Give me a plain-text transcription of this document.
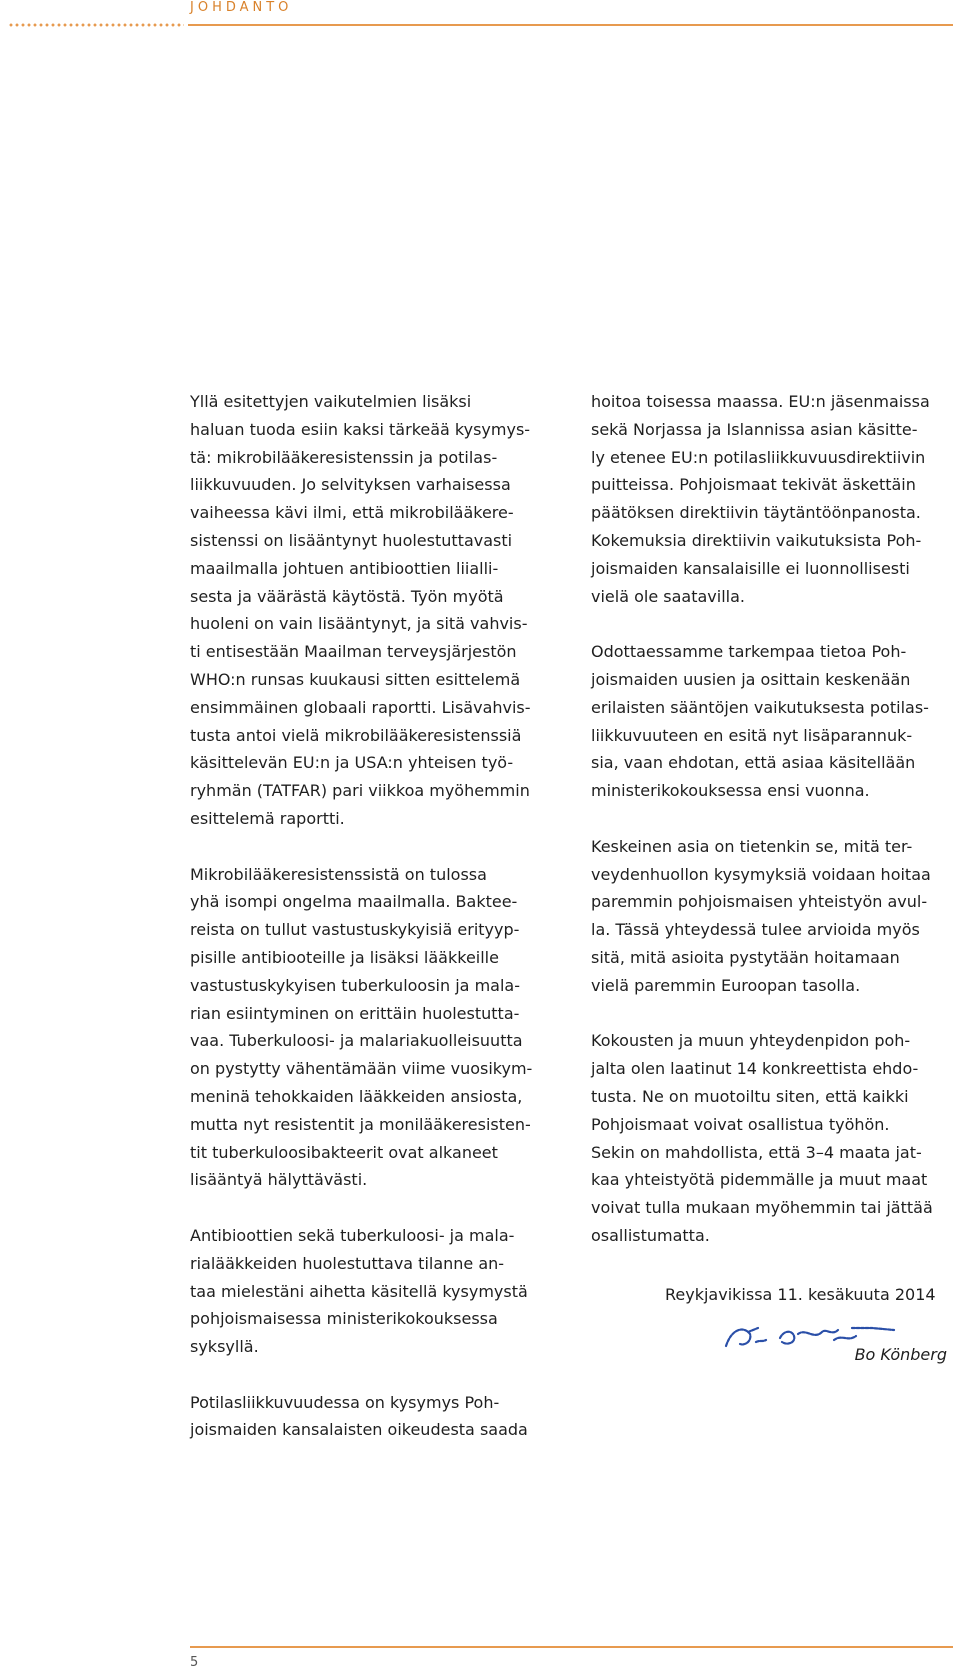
JOHDANTO

Yllä esitettyjen vaikutelmien lisäksi
haluan tuoda esiin kaksi tärkeää kysymys-
tä: mikrobilääkeresistenssin ja potilas-
liikkuvuuden. Jo selvityksen varhaisessa
vaiheessa kävi ilmi, että mikrobilääkere-
sistenssi on lisääntynyt huolestuttavasti
maailmalla johtuen antibioottien liialli-
sesta ja väärästä käytöstä. Työn myötä
huoleni on vain lisääntynyt, ja sitä vahvis-
ti entisestään Maailman terveysjärjestön
WHO:n runsas kuukausi sitten esittelemä
ensimmäinen globaali raportti. Lisävahvis-
tusta antoi vielä mikrobilääkeresistenssiä
käsittelevän EU:n ja USA:n yhteisen työ-
ryhmän (TATFAR) pari viikkoa myöhemmin
esittelemä raportti.

Mikrobilääkeresistenssistä on tulossa
yhä isompi ongelma maailmalla. Baktee-
reista on tullut vastustuskykyisiä erityyp-
pisille antibiooteille ja lisäksi lääkkeille
vastustuskykyisen tuberkuloosin ja mala-
rian esiintyminen on erittäin huolestutta-
vaa. Tuberkuloosi- ja malariakuolleisuutta
on pystytty vähentämään viime vuosikym-
meninä tehokkaiden lääkkeiden ansiosta,
mutta nyt resistentit ja monilääkeresisten-
tit tuberkuloosibakteerit ovat alkaneet
lisääntyä hälyttävästi.

Antibioottien sekä tuberkuloosi- ja mala-
rialääkkeiden huolestuttava tilanne an-
taa mielestäni aihetta käsitellä kysymystä
pohjoismaisessa ministerikokouksessa
syksyllä.

Potilasliikkuvuudessa on kysymys Poh-
joismaiden kansalaisten oikeudesta saada

hoitoa toisessa maassa. EU:n jäsenmaissa
sekä Norjassa ja Islannissa asian käsitte-
ly etenee EU:n potilasliikkuvuusdirektiivin
puitteissa. Pohjoismaat tekivät äskettäin
päätöksen direktiivin täytäntöönpanosta.
Kokemuksia direktiivin vaikutuksista Poh-
joismaiden kansalaisille ei luonnollisesti
vielä ole saatavilla.

Odottaessamme tarkempaa tietoa Poh-
joismaiden uusien ja osittain keskenään
erilaisten sääntöjen vaikutuksesta potilas-
liikkuvuuteen en esitä nyt lisäparannuk-
sia, vaan ehdotan, että asiaa käsitellään
ministerikokouksessa ensi vuonna.

Keskeinen asia on tietenkin se, mitä ter-
veydenhuollon kysymyksiä voidaan hoitaa
paremmin pohjoismaisen yhteistyön avul-
la. Tässä yhteydessä tulee arvioida myös
sitä, mitä asioita pystytään hoitamaan
vielä paremmin Euroopan tasolla.

Kokousten ja muun yhteydenpidon poh-
jalta olen laatinut 14 konkreettista ehdo-
tusta. Ne on muotoiltu siten, että kaikki
Pohjoismaat voivat osallistua työhön.
Sekin on mahdollista, että 3–4 maata jat-
kaa yhteistyötä pidemmälle ja muut maat
voivat tulla mukaan myöhemmin tai jättää
osallistumatta.

Reykjavikissa 11. kesäkuuta 2014
Bo Könberg
5
